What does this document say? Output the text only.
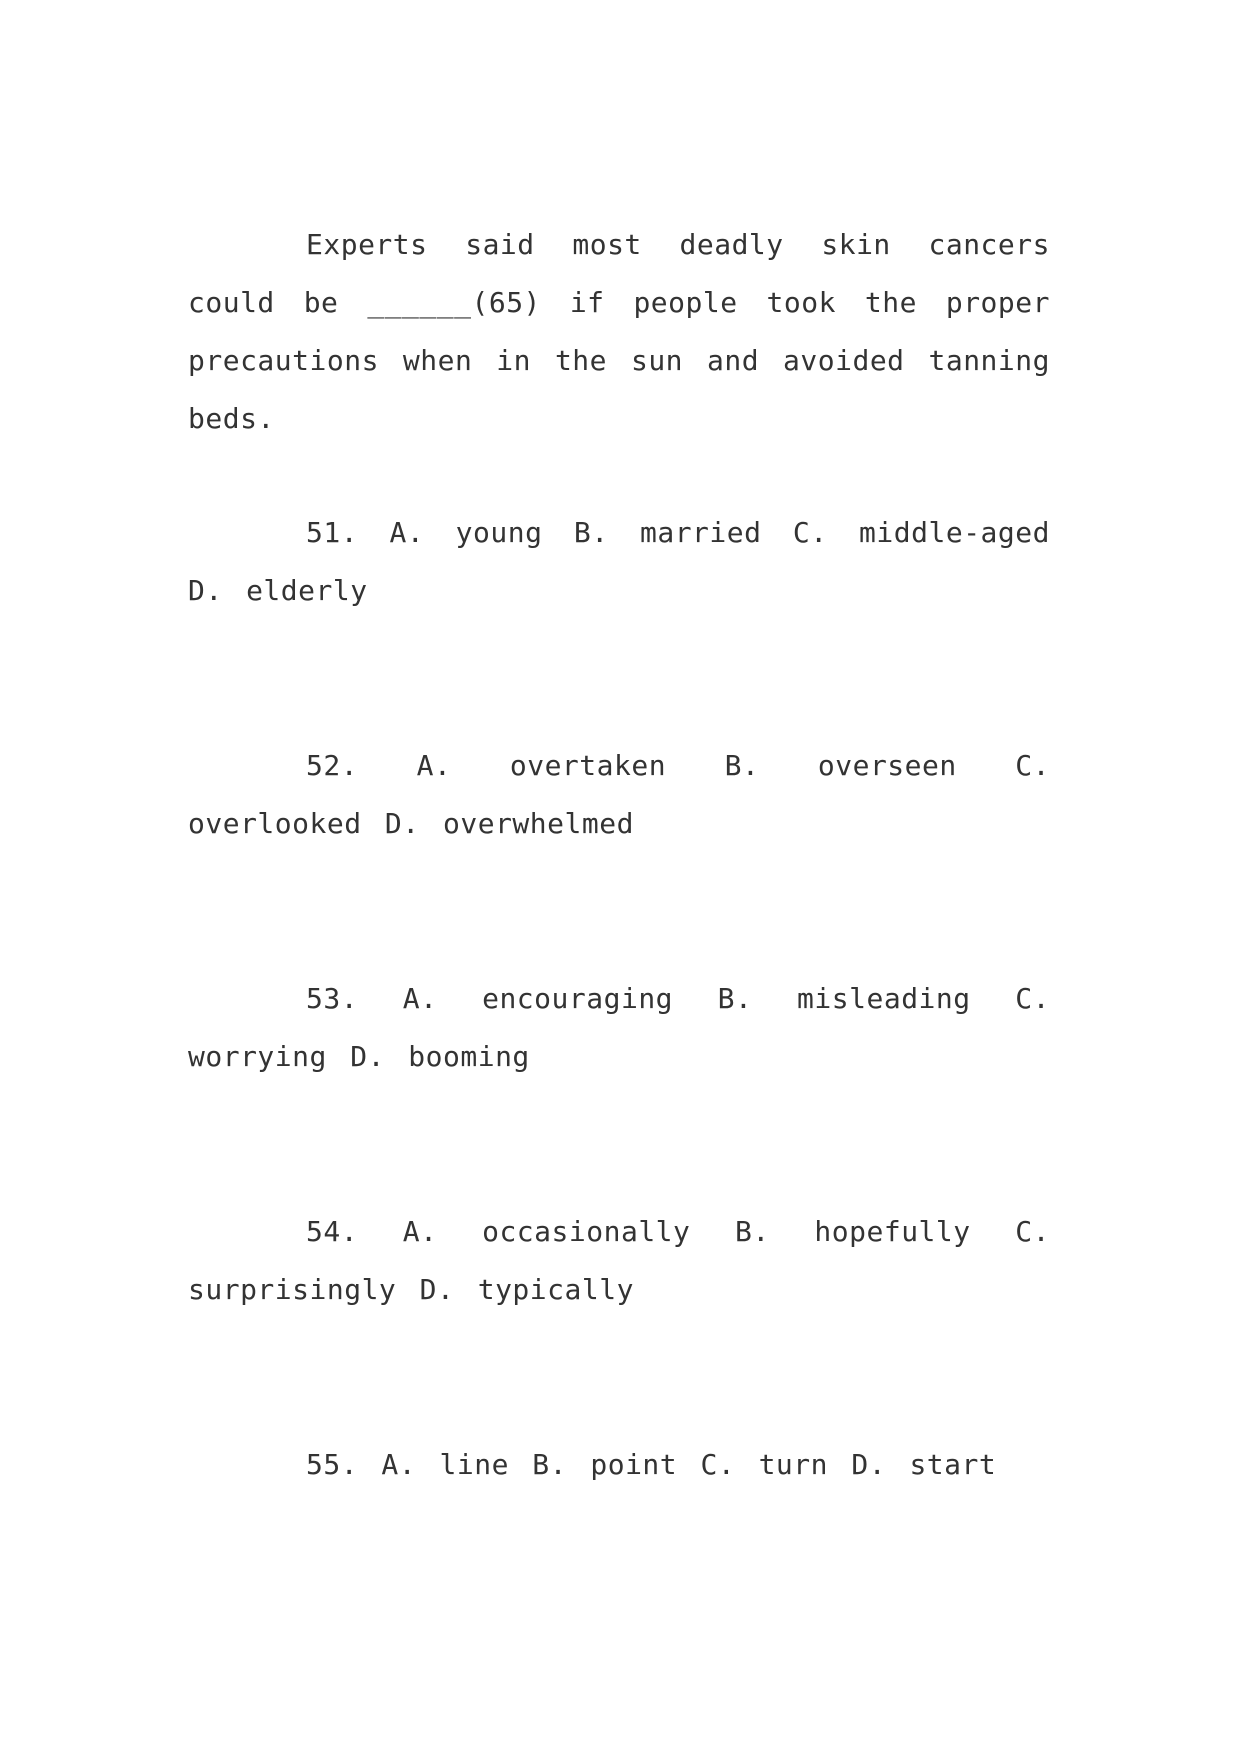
Experts said most deadly skin cancers could be ______(65) if people took the proper precautions when in the sun and avoided tanning beds.

51. A. young B. married C. middle-aged D. elderly

52. A. overtaken B. overseen C. overlooked D. overwhelmed

53. A. encouraging B. misleading C. worrying D. booming

54. A. occasionally B. hopefully C. surprisingly D. typically

55. A. line B. point C. turn D. start
